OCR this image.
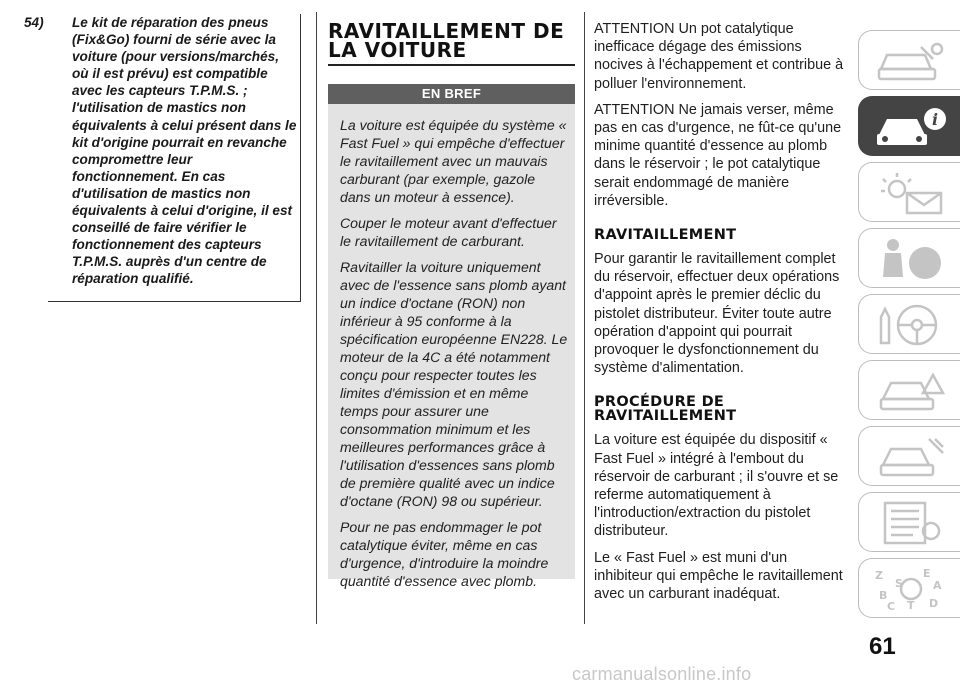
54) Le kit de réparation des pneus (Fix&Go) fourni de série avec la voiture (pour versions/marchés, où il est prévu) est compatible avec les capteurs T.P.M.S. ; l'utilisation de mastics non équivalents à celui présent dans le kit d'origine pourrait en revanche compromettre leur fonctionnement. En cas d'utilisation de mastics non équivalents à celui d'origine, il est conseillé de faire vérifier le fonctionnement des capteurs T.P.M.S. auprès d'un centre de réparation qualifié.

RAVITAILLEMENT DE
LA VOITURE
EN BREF

La voiture est équipée du système « Fast Fuel » qui empêche d'effectuer le ravitaillement avec un mauvais carburant (par exemple, gazole dans un moteur à essence).

Couper le moteur avant d'effectuer le ravitaillement de carburant.

Ravitailler la voiture uniquement avec de l'essence sans plomb ayant un indice d'octane (RON) non inférieur à 95 conforme à la spécification européenne EN228. Le moteur de la 4C a été notamment conçu pour respecter toutes les limites d'émission et en même temps pour assurer une consommation minimum et les meilleures performances grâce à l'utilisation d'essences sans plomb de première qualité avec un indice d'octane (RON) 98 ou supérieur.

Pour ne pas endommager le pot catalytique éviter, même en cas d'urgence, d'introduire la moindre quantité d'essence avec plomb.

ATTENTION Un pot catalytique inefficace dégage des émissions nocives à l'échappement et contribue à polluer l'environnement.

ATTENTION Ne jamais verser, même pas en cas d'urgence, ne fût-ce qu'une minime quantité d'essence au plomb dans le réservoir ; le pot catalytique serait endommagé de manière irréversible.

RAVITAILLEMENT

Pour garantir le ravitaillement complet du réservoir, effectuer deux opérations d'appoint après le premier déclic du pistolet distributeur. Éviter toute autre opération d'appoint qui pourrait provoquer le dysfonctionnement du système d'alimentation.

PROCÉDURE DE
RAVITAILLEMENT

La voiture est équipée du dispositif « Fast Fuel » intégré à l'embout du réservoir de carburant ; il s'ouvre et se referme automatiquement à l'introduction/extraction du pistolet distributeur.

Le « Fast Fuel » est muni d'un inhibiteur qui empêche le ravitaillement avec un carburant inadéquat.

i
Z	E
S	A
B
C T D
61
carmanualsonline.info
